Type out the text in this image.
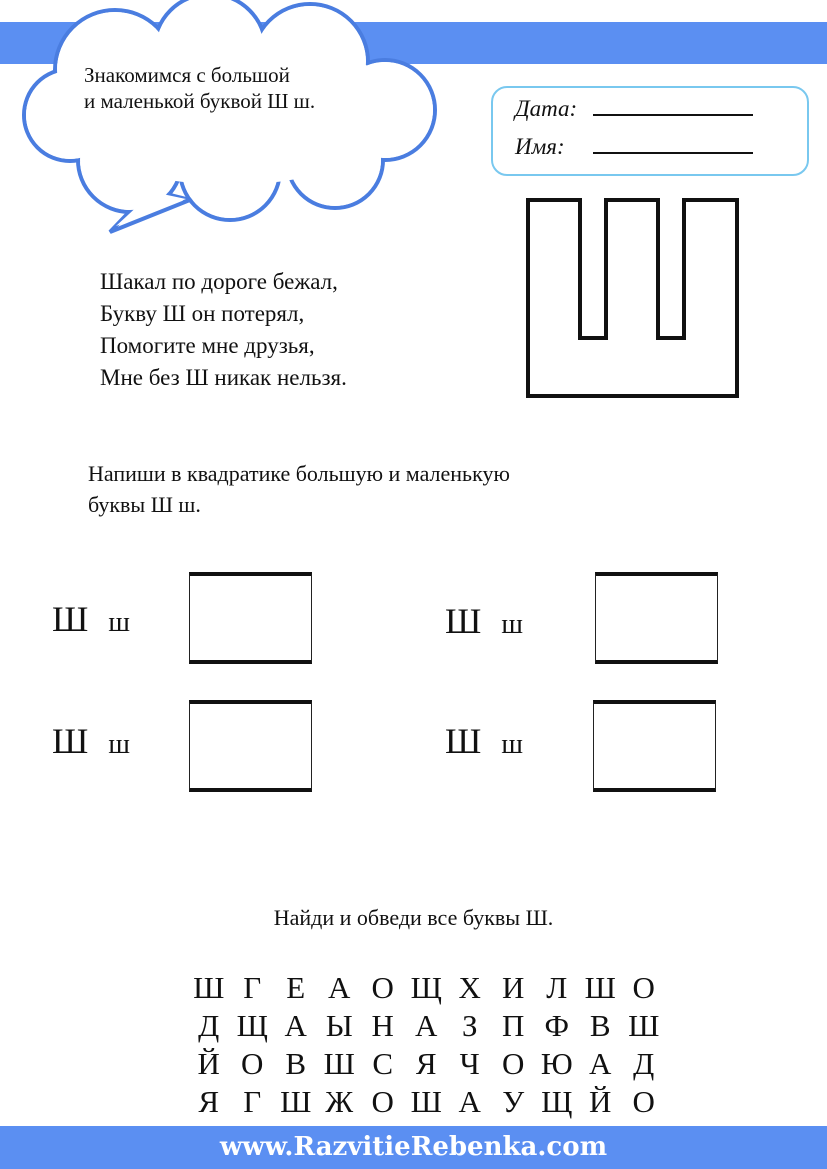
Знакомимся с большой
и маленькой буквой Ш ш.	Дата:
Имя:
Шакал по дороге бежал,
Букву Ш он потерял,
Помогите мне друзья,
Мне без Ш никак нельзя.
Напиши в квадратике большую и маленькую
буквы Ш ш.
Ш ш	Ш ш
Ш ш	Ш ш
Найди и обведи все буквы Ш.
Ш Г Е А О Щ Х И Л Ш О
Д Щ А Ы Н А З П Ф В Ш
Й О В Ш С Я Ч О Ю А Д
Я Г Ш Ж О Ш А У Щ Й О
www.RazvitieRebenka.com
